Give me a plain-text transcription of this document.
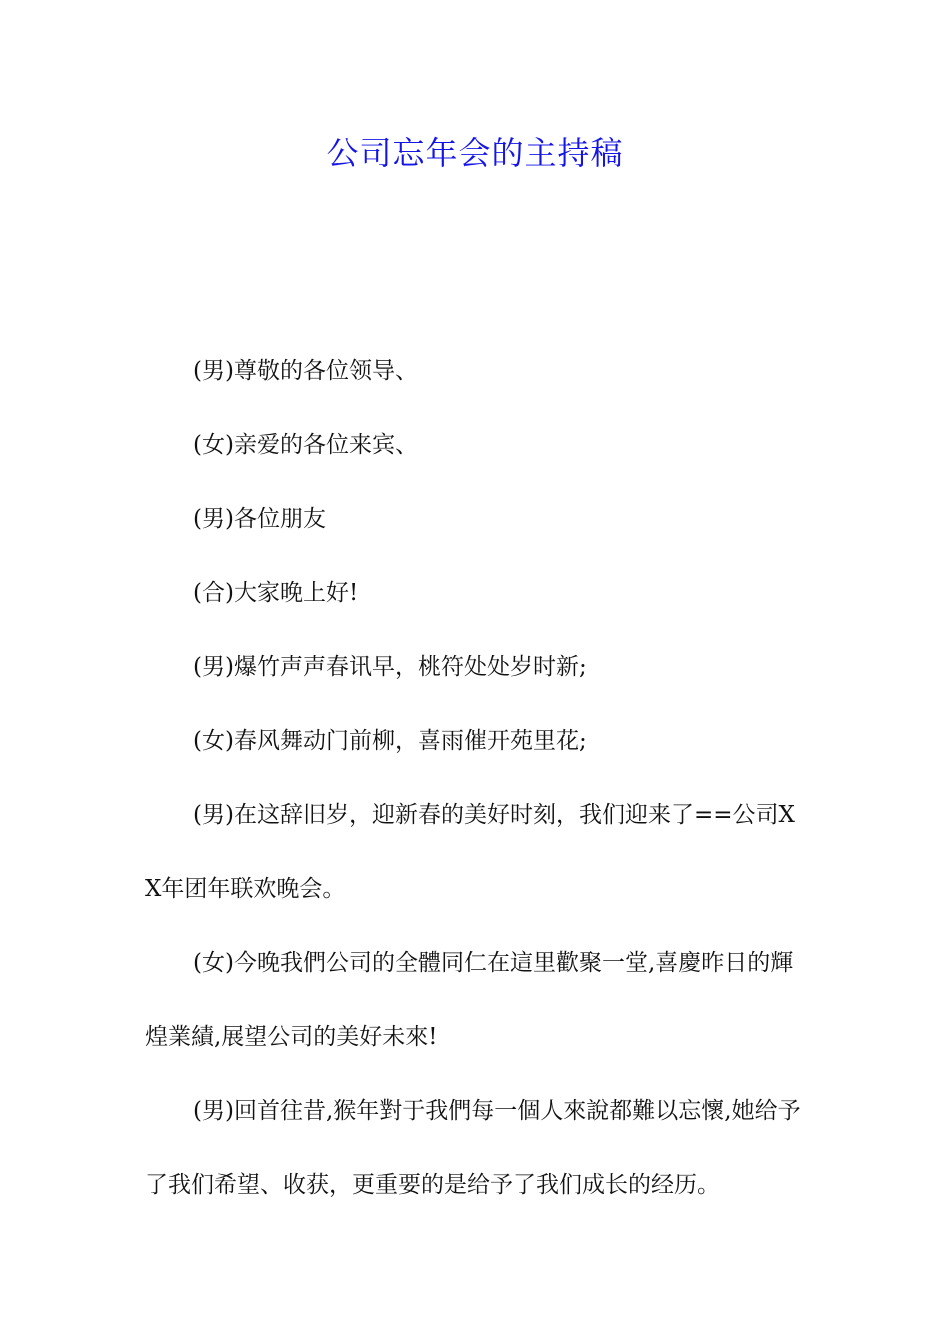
公司忘年会的主持稿

(男)尊敬的各位领导、

(女)亲爱的各位来宾、

(男)各位朋友

(合)大家晚上好!

(男)爆竹声声春讯早，桃符处处岁时新;

(女)春风舞动门前柳，喜雨催开苑里花;

(男)在这辞旧岁，迎新春的美好时刻，我们迎来了==公司XX年团年联欢晚会。

(女)今晚我們公司的全體同仁在這里歡聚一堂,喜慶昨日的輝煌業績,展望公司的美好未來!

(男)回首往昔,猴年對于我們每一個人來說都難以忘懷,她给予了我们希望、收获，更重要的是给予了我们成长的经历。
